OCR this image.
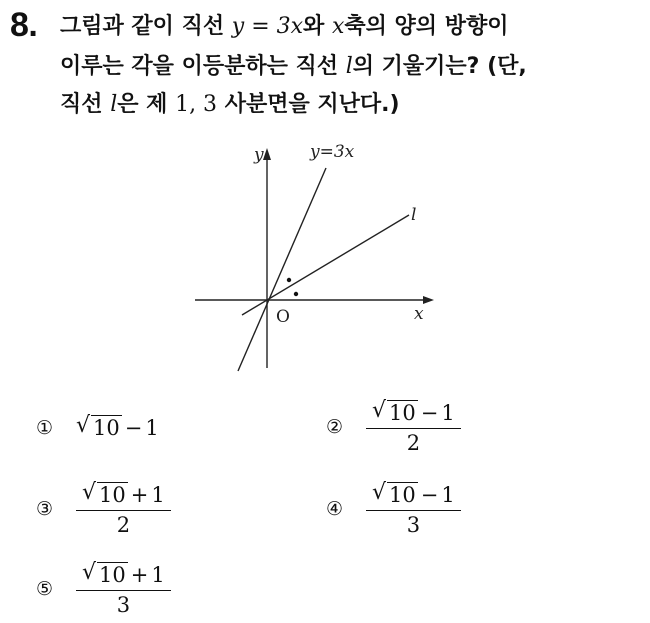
8. 그림과 같이 직선 y = 3x와 x축의 양의 방향이
이루는 각을 이등분하는 직선 l의 기울기는? (단,
직선 l은 제 1, 3 사분면을 지난다.)
y	y=3x
l
O	x
①	√ 10 − 1	②	$\frac{√ 10 - 1}{2}$
③	$\frac{√ 10 + 1}{2}$	④	$\frac{√ 10 - 1}{3}$
⑤	$\frac{√ 10 + 1}{3}$
